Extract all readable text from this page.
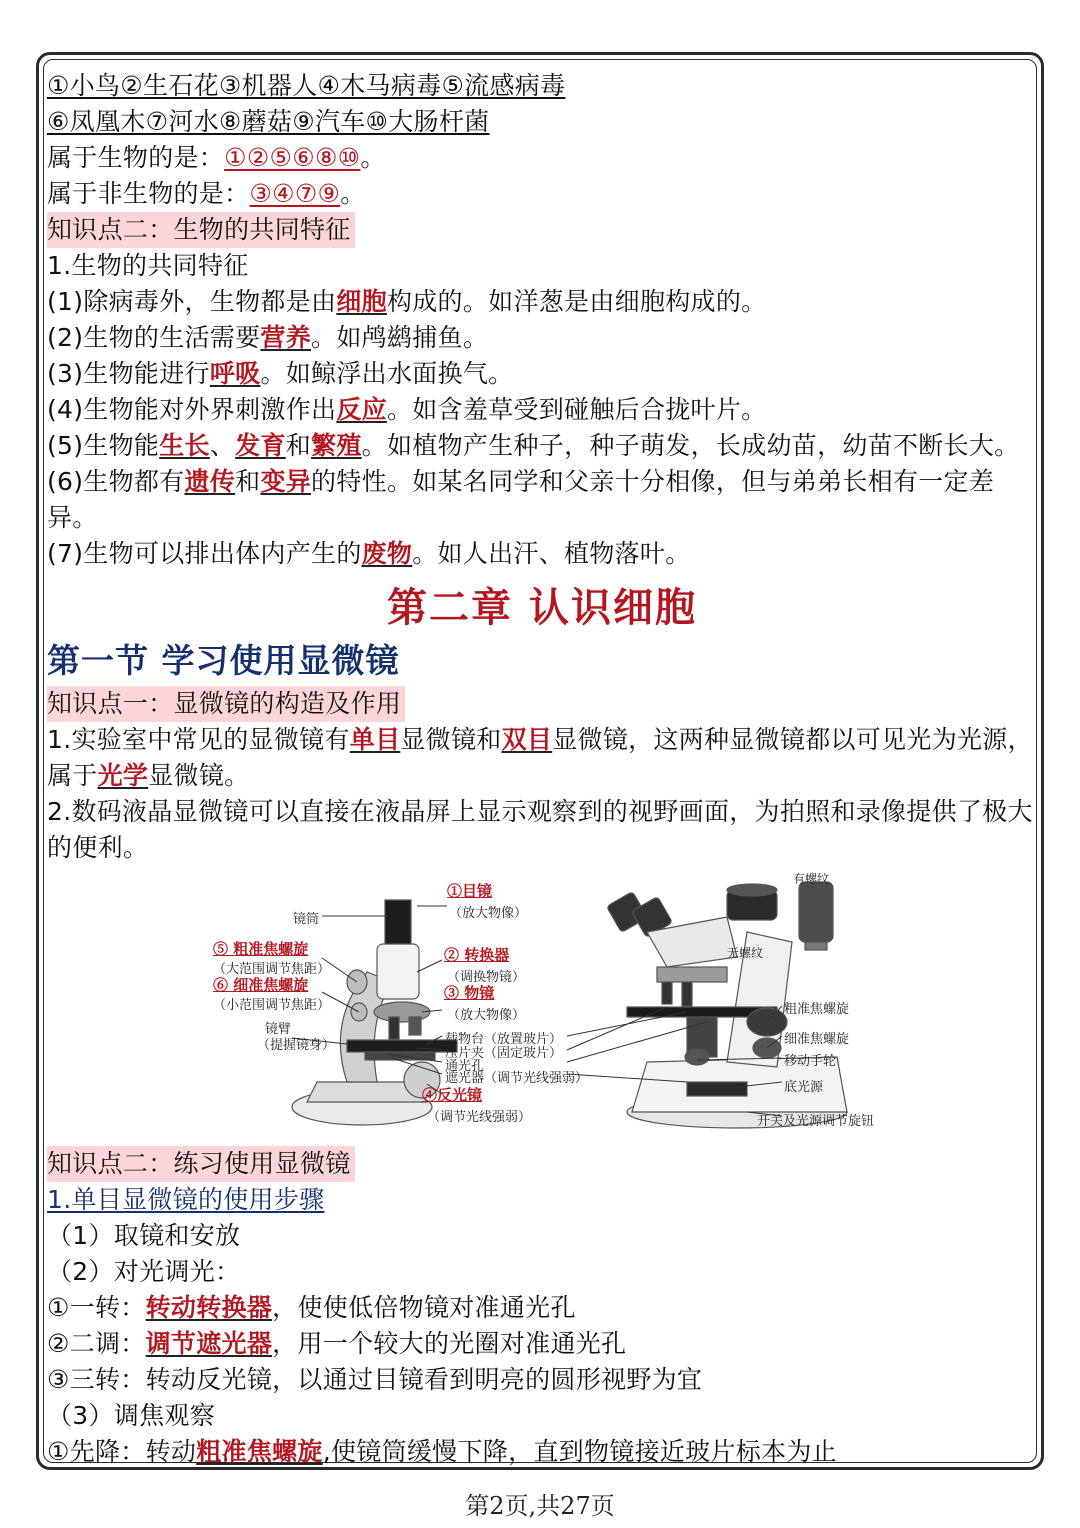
①小鸟②生石花③机器人④木马病毒⑤流感病毒
⑥凤凰木⑦河水⑧蘑菇⑨汽车⑩大肠杆菌
属于生物的是：①②⑤⑥⑧⑩。
属于非生物的是：③④⑦⑨。
知识点二：生物的共同特征
1.生物的共同特征
(1)除病毒外，生物都是由细胞构成的。如洋葱是由细胞构成的。
(2)生物的生活需要营养。如鸬鹚捕鱼。
(3)生物能进行呼吸。如鲸浮出水面换气。
(4)生物能对外界刺激作出反应。如含羞草受到碰触后合拢叶片。
(5)生物能生长、发育和繁殖。如植物产生种子，种子萌发，长成幼苗，幼苗不断长大。
(6)生物都有遗传和变异的特性。如某名同学和父亲十分相像，但与弟弟长相有一定差异。
(7)生物可以排出体内产生的废物。如人出汗、植物落叶。
第二章 认识细胞
第一节 学习使用显微镜
知识点一：显微镜的构造及作用
1.实验室中常见的显微镜有单目显微镜和双目显微镜，这两种显微镜都以可见光为光源，属于光学显微镜。
2.数码液晶显微镜可以直接在液晶屏上显示观察到的视野画面，为拍照和录像提供了极大的便利。
镜筒
①目镜
（放大物像）
② 转换器
（调换物镜）
③ 物镜
（放大物像）
载物台（放置玻片）
压片夹（固定玻片）
通光孔
遮光器（调节光线强弱）
④反光镜
（调节光线强弱）
⑤ 粗准焦螺旋
（大范围调节焦距）
⑥ 细准焦螺旋
（小范围调节焦距）
镜臂
（提握镜身）
有螺纹
无螺纹
粗准焦螺旋
细准焦螺旋
移动手轮
底光源
开关及光源调节旋钮
知识点二：练习使用显微镜
1.单目显微镜的使用步骤
（1）取镜和安放
（2）对光调光：
①一转：转动转换器，使使低倍物镜对准通光孔
②二调：调节遮光器，用一个较大的光圈对准通光孔
③三转：转动反光镜，以通过目镜看到明亮的圆形视野为宜
（3）调焦观察
①先降：转动粗准焦螺旋,使镜筒缓慢下降，直到物镜接近玻片标本为止
第2页,共27页
